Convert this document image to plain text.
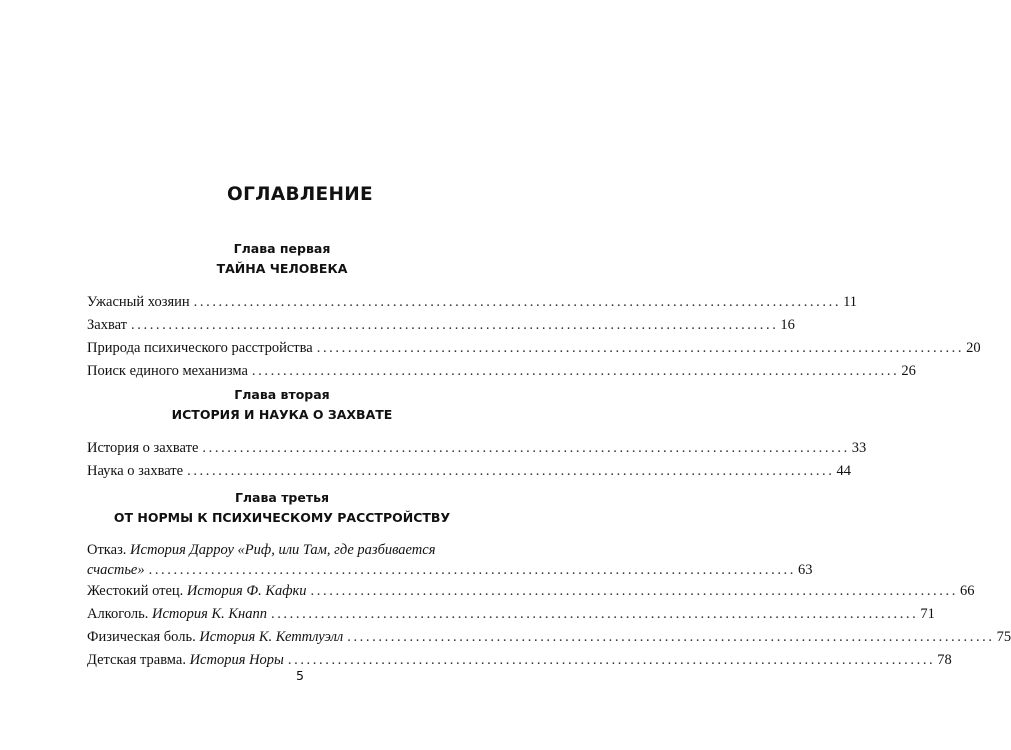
ОГЛАВЛЕНИЕ
Глава первая
ТАЙНА ЧЕЛОВЕКА
Ужасный хозяин ........................................................................................................ 11
Захват ........................................................................................................ 16
Природа психического расстройства ........................................................................................................ 20
Поиск единого механизма ........................................................................................................ 26
Глава вторая
ИСТОРИЯ И НАУКА О ЗАХВАТЕ
История о захвате ........................................................................................................ 33
Наука о захвате ........................................................................................................ 44
Глава третья
ОТ НОРМЫ К ПСИХИЧЕСКОМУ РАССТРОЙСТВУ
Отказ. История Дарроу «Риф, или Там, где разбивается
счастье» ........................................................................................................ 63
Жестокий отец. История Ф. Кафки ........................................................................................................ 66
Алкоголь. История К. Кнапп ........................................................................................................ 71
Физическая боль. История К. Кеттлуэлл ........................................................................................................ 75
Детская травма. История Норы ........................................................................................................ 78
5
